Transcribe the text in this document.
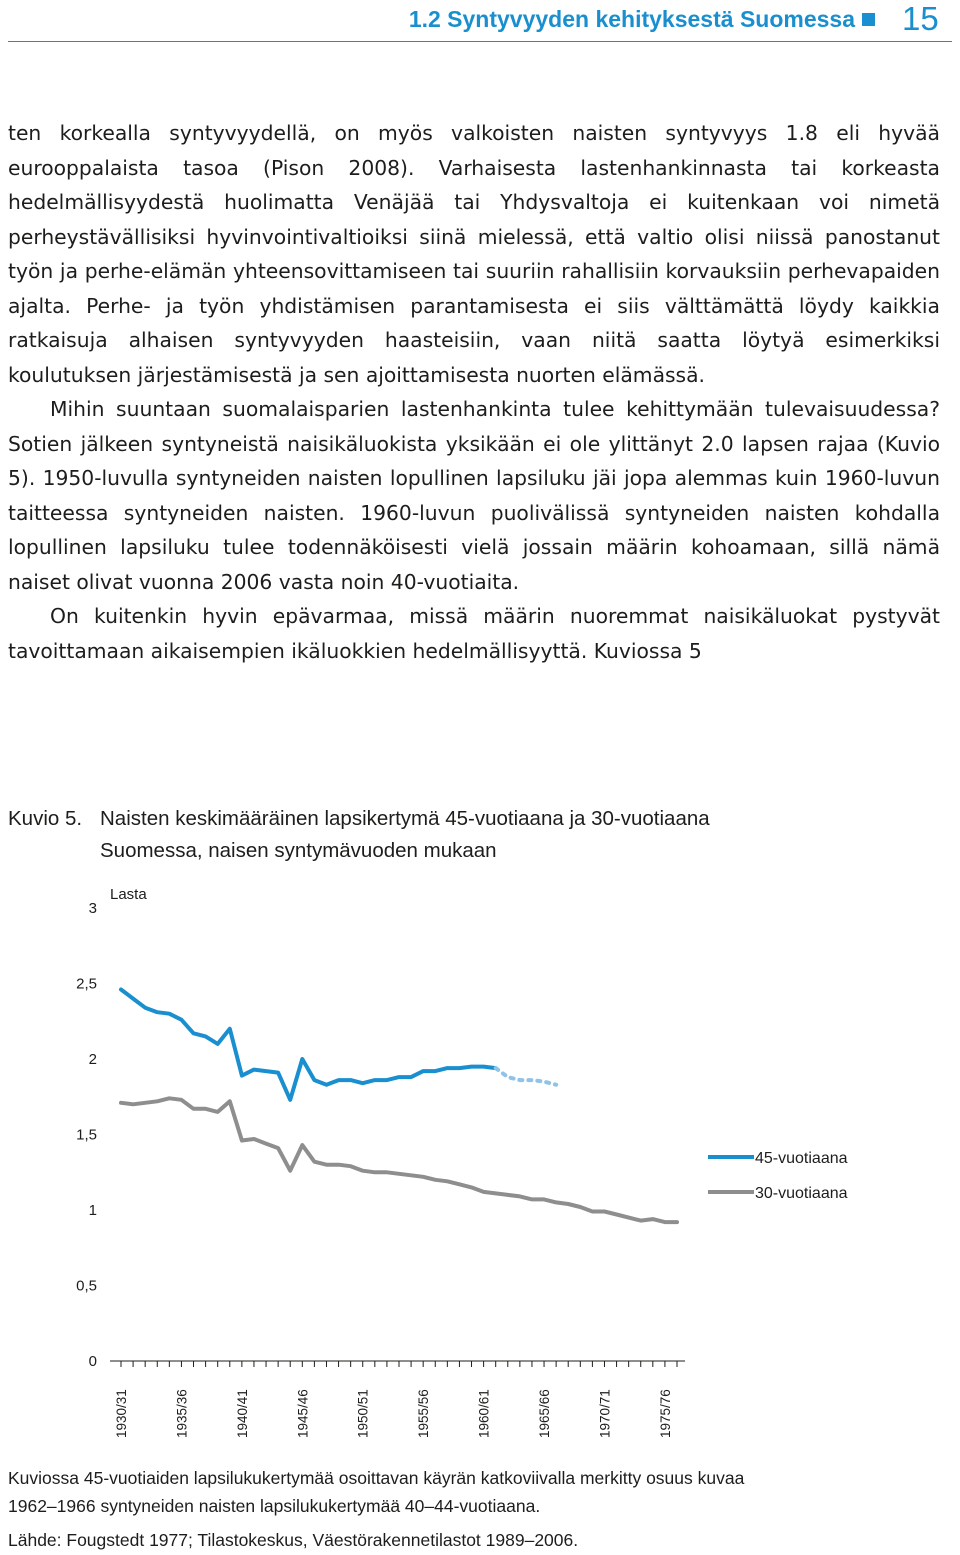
1.2 Syntyvyyden kehityksestä Suomessa 15

ten korkealla syntyvyydellä, on myös valkoisten naisten syntyvyys 1.8 eli hyvää eurooppalaista tasoa (Pison 2008). Varhaisesta lastenhankinnasta tai korkeasta hedelmällisyydestä huolimatta Venäjää tai Yhdysvaltoja ei kuitenkaan voi nimetä perheystävällisiksi hyvinvointivaltioiksi siinä mielessä, että valtio olisi niissä panostanut työn ja perhe-elämän yhteensovittamiseen tai suuriin rahallisiin korvauksiin perhevapaiden ajalta. Perhe- ja työn yhdistämisen parantamisesta ei siis välttämättä löydy kaikkia ratkaisuja alhaisen syntyvyyden haasteisiin, vaan niitä saatta löytyä esimerkiksi koulutuksen järjestämisestä ja sen ajoittamisesta nuorten elämässä.

Mihin suuntaan suomalaisparien lastenhankinta tulee kehittymään tulevaisuudessa? Sotien jälkeen syntyneistä naisikäluokista yksikään ei ole ylittänyt 2.0 lapsen rajaa (Kuvio 5). 1950-luvulla syntyneiden naisten lopullinen lapsiluku jäi jopa alemmas kuin 1960-luvun taitteessa syntyneiden naisten. 1960-luvun puolivälissä syntyneiden naisten kohdalla lopullinen lapsiluku tulee todennäköisesti vielä jossain määrin kohoamaan, sillä nämä naiset olivat vuonna 2006 vasta noin 40-vuotiaita.

On kuitenkin hyvin epävarmaa, missä määrin nuoremmat naisikäluokat pystyvät tavoittamaan aikaisempien ikäluokkien hedelmällisyyttä. Kuviossa 5

Kuvio 5. Naisten keskimääräinen lapsikertymä 45-vuotiaana ja 30-vuotiaana
Suomessa, naisen syntymävuoden mukaan
Lasta
0
0,5
1
1,5
2
2,5
3
1930/31	1935/36	1940/41	1945/46	1950/51	1955/56	1960/61	1965/66	1970/71	1975/76
45-vuotiaana
30-vuotiaana

Kuviossa 45-vuotiaiden lapsilukukertymää osoittavan käyrän katkoviivalla merkitty osuus kuvaa

1962–1966 syntyneiden naisten lapsilukukertymää 40–44-vuotiaana.

Lähde: Fougstedt 1977; Tilastokeskus, Väestörakennetilastot 1989–2006.
